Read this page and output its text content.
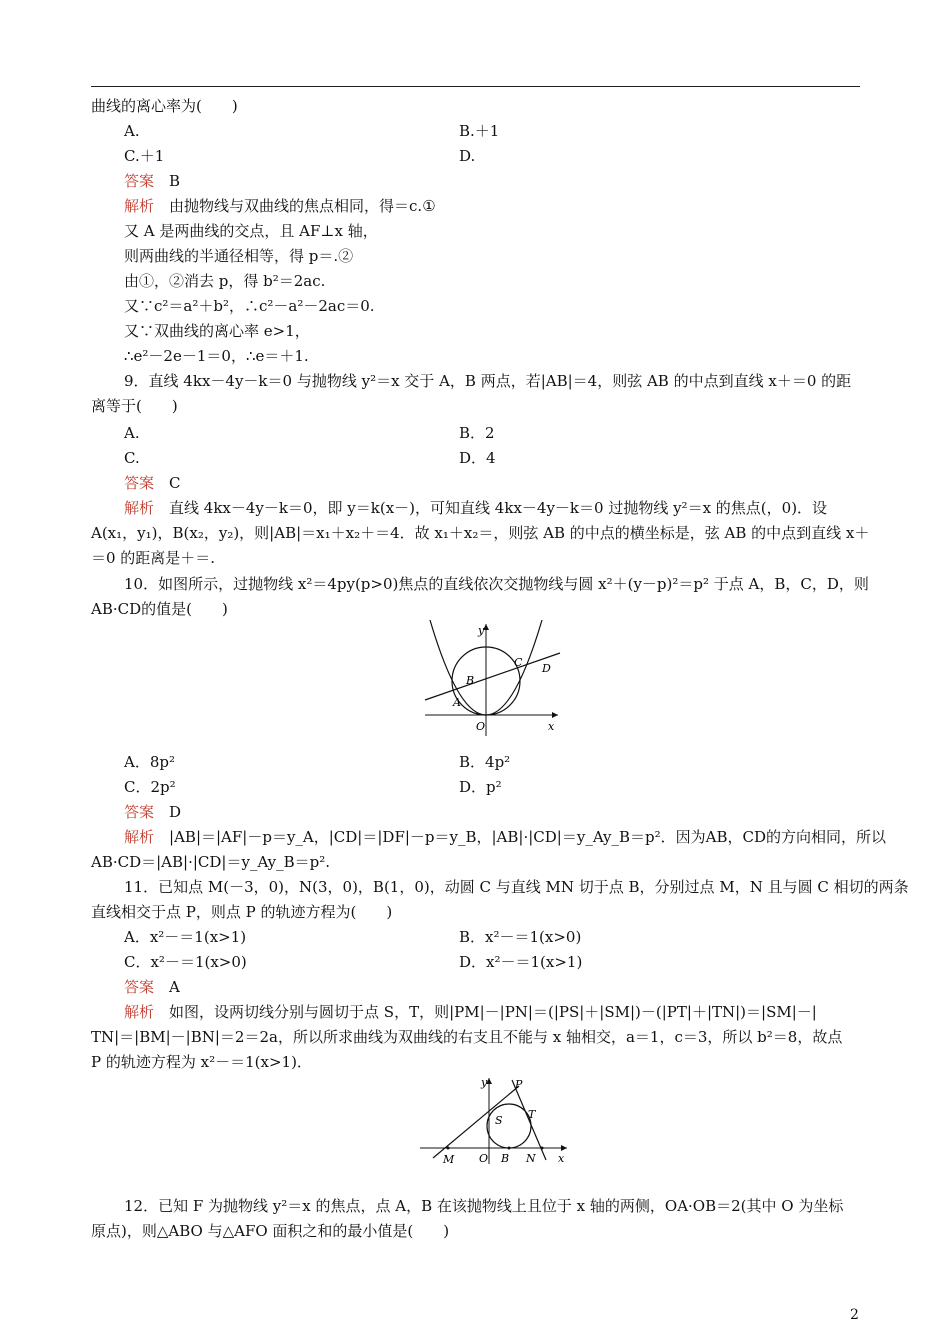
曲线的离心率为(　　)
A.	B.＋1
C.＋1	D.
答案　 B
解析　 由抛物线与双曲线的焦点相同，得＝c.①
又 A 是两曲线的交点，且 AF⊥x 轴，
则两曲线的半通径相等，得 p＝.②
由①，②消去 p，得 b²＝2ac.
又∵c²＝a²＋b²，∴c²－a²－2ac＝0.
又∵双曲线的离心率 e>1，
∴e²－2e－1＝0，∴e＝＋1.
9．直线 4kx－4y－k＝0 与抛物线 y²＝x 交于 A，B 两点，若|AB|＝4，则弦 AB 的中点到直线 x＋＝0 的距
离等于(　　)
A.	B．2
C.	D．4
答案　 C
解析　 直线 4kx－4y－k＝0，即 y＝k(x－)，可知直线 4kx－4y－k＝0 过抛物线 y²＝x 的焦点(，0)．设
A(x₁，y₁)，B(x₂，y₂)，则|AB|＝x₁＋x₂＋＝4．故 x₁＋x₂＝，则弦 AB 的中点的横坐标是，弦 AB 的中点到直线 x＋
＝0 的距离是＋＝.
10．如图所示，过抛物线 x²＝4py(p>0)焦点的直线依次交抛物线与圆 x²＋(y－p)²＝p² 于点 A，B，C，D，则
AB·CD的值是(　　)
y
x
O
A
B
C D
A．8p²	B．4p²
C．2p²	D．p²
答案　 D
解析　 |AB|＝|AF|－p＝y_A，|CD|＝|DF|－p＝y_B，|AB|·|CD|＝y_Ay_B＝p²．因为AB，CD的方向相同，所以
AB·CD＝|AB|·|CD|＝y_Ay_B＝p².
11．已知点 M(－3，0)，N(3，0)，B(1，0)，动圆 C 与直线 MN 切于点 B，分别过点 M，N 且与圆 C 相切的两条
直线相交于点 P，则点 P 的轨迹方程为(　　)
A．x²－＝1(x>1)	B．x²－＝1(x>0)
C．x²－＝1(x>0)	D．x²－＝1(x>1)
答案　 A
解析　 如图，设两切线分别与圆切于点 S，T，则|PM|－|PN|＝(|PS|＋|SM|)－(|PT|＋|TN|)＝|SM|－|
TN|＝|BM|－|BN|＝2＝2a，所以所求曲线为双曲线的右支且不能与 x 轴相交，a＝1，c＝3，所以 b²＝8，故点
P 的轨迹方程为 x²－＝1(x>1)．
y
x
O
M	B N
S T
P
12．已知 F 为抛物线 y²＝x 的焦点，点 A，B 在该抛物线上且位于 x 轴的两侧，OA·OB＝2(其中 O 为坐标
原点)，则△ABO 与△AFO 面积之和的最小值是(　　)
2
